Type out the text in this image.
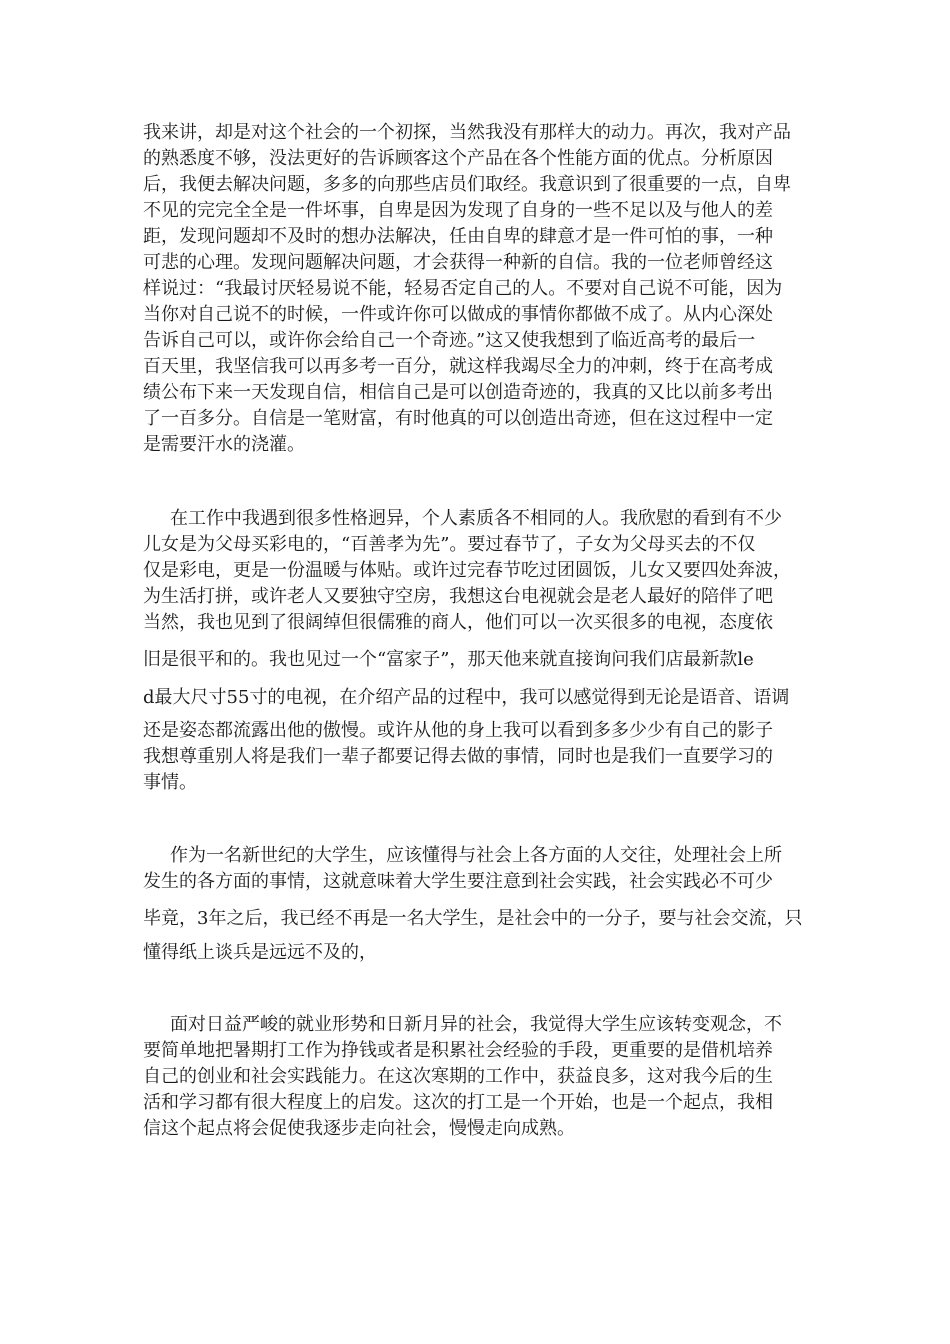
我来讲，却是对这个社会的一个初探，当然我没有那样大的动力。再次，我对产品
的熟悉度不够，没法更好的告诉顾客这个产品在各个性能方面的优点。分析原因
后，我便去解决问题，多多的向那些店员们取经。我意识到了很重要的一点，自卑
不见的完完全全是一件坏事，自卑是因为发现了自身的一些不足以及与他人的差
距，发现问题却不及时的想办法解决，任由自卑的肆意才是一件可怕的事，一种
可悲的心理。发现问题解决问题，才会获得一种新的自信。我的一位老师曾经这
样说过：“我最讨厌轻易说不能，轻易否定自己的人。不要对自己说不可能，因为
当你对自己说不的时候，一件或许你可以做成的事情你都做不成了。从内心深处
告诉自己可以，或许你会给自己一个奇迹。”这又使我想到了临近高考的最后一
百天里，我坚信我可以再多考一百分，就这样我竭尽全力的冲刺，终于在高考成
绩公布下来一天发现自信，相信自己是可以创造奇迹的，我真的又比以前多考出
了一百多分。自信是一笔财富，有时他真的可以创造出奇迹，但在这过程中一定
是需要汗水的浇灌。
在工作中我遇到很多性格迥异，个人素质各不相同的人。我欣慰的看到有不少
儿女是为父母买彩电的，“百善孝为先”。要过春节了，子女为父母买去的不仅
仅是彩电，更是一份温暖与体贴。或许过完春节吃过团圆饭，儿女又要四处奔波，
为生活打拼，或许老人又要独守空房，我想这台电视就会是老人最好的陪伴了吧
当然，我也见到了很阔绰但很儒雅的商人，他们可以一次买很多的电视，态度依
旧是很平和的。我也见过一个“富家子”，那天他来就直接询问我们店最新款le
d最大尺寸55寸的电视，在介绍产品的过程中，我可以感觉得到无论是语音、语调
还是姿态都流露出他的傲慢。或许从他的身上我可以看到多多少少有自己的影子
我想尊重别人将是我们一辈子都要记得去做的事情，同时也是我们一直要学习的
事情。
作为一名新世纪的大学生，应该懂得与社会上各方面的人交往，处理社会上所
发生的各方面的事情，这就意味着大学生要注意到社会实践，社会实践必不可少
毕竟，3年之后，我已经不再是一名大学生，是社会中的一分子，要与社会交流，只
懂得纸上谈兵是远远不及的，
面对日益严峻的就业形势和日新月异的社会，我觉得大学生应该转变观念，不
要简单地把暑期打工作为挣钱或者是积累社会经验的手段，更重要的是借机培养
自己的创业和社会实践能力。在这次寒期的工作中，获益良多，这对我今后的生
活和学习都有很大程度上的启发。这次的打工是一个开始，也是一个起点，我相
信这个起点将会促使我逐步走向社会，慢慢走向成熟。
